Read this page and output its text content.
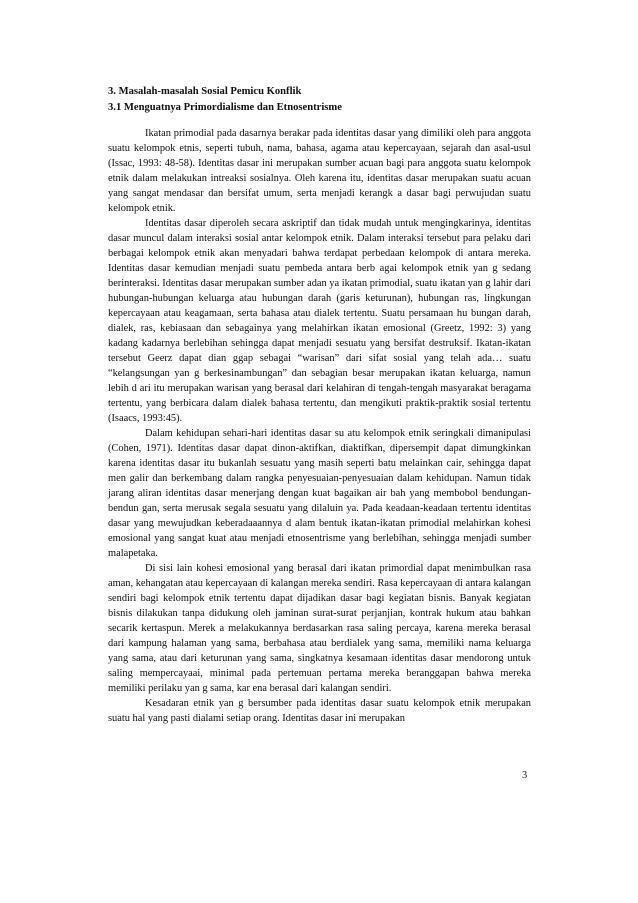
3. Masalah-masalah Sosial Pemicu Konflik

3.1 Menguatnya Primordialisme dan Etnosentrisme

Ikatan primodial pada dasarnya berakar pada identitas dasar yang dimiliki oleh para anggota suatu kelompok etnis, seperti tubuh, nama, bahasa, agama atau kepercayaan, sejarah dan asal-usul (Issac, 1993: 48-58). Identitas dasar ini merupakan sumber acuan bagi para anggota suatu kelompok etnik dalam melakukan intreaksi sosialnya. Oleh karena itu, identitas dasar merupakan suatu acuan yang sangat mendasar dan bersifat umum, serta menjadi kerangk a dasar bagi perwujudan suatu kelompok etnik.

Identitas dasar diperoleh secara askriptif dan tidak mudah untuk mengingkarinya, identitas dasar muncul dalam interaksi sosial antar kelompok etnik. Dalam interaksi tersebut para pelaku dari berbagai kelompok etnik akan menyadari bahwa terdapat perbedaan kelompok di antara mereka. Identitas dasar kemudian menjadi suatu pembeda antara berb agai kelompok etnik yan g sedang berinteraksi. Identitas dasar merupakan sumber adan ya ikatan primodial, suatu ikatan yan g lahir dari hubungan-hubungan keluarga atau hubungan darah (garis keturunan), hubungan ras, lingkungan kepercayaan atau keagamaan, serta bahasa atau dialek tertentu. Suatu persamaan hu bungan darah, dialek, ras, kebiasaan dan sebagainya yang melahirkan ikatan emosional (Greetz, 1992: 3) yang kadang kadarnya berlebihan sehingga dapat menjadi sesuatu yang bersifat destruksif. Ikatan-ikatan tersebut Geerz dapat dian ggap sebagai “warisan” dari sifat sosial yang telah ada… suatu “kelangsungan yan g berkesinambungan” dan sebagian besar merupakan ikatan keluarga, namun lebih d ari itu merupakan warisan yang berasal dari kelahiran di tengah-tengah masyarakat beragama tertentu, yang berbicara dalam dialek bahasa tertentu, dan mengikuti praktik-praktik sosial tertentu (Isaacs, 1993:45).

Dalam kehidupan sehari-hari identitas dasar su atu kelompok etnik seringkali dimanipulasi (Cohen, 1971). Identitas dasar dapat dinon-aktifkan, diaktifkan, dipersempit dapat dimungkinkan karena identitas dasar itu bukanlah sesuatu yang masih seperti batu melainkan cair, sehingga dapat men galir dan berkembang dalam rangka penyesuaian-penyesuaian dalam kehidupan. Namun tidak jarang aliran identitas dasar menerjang dengan kuat bagaikan air bah yang membobol bendungan-bendun gan, serta merusak segala sesuatu yang dilaluin ya. Pada keadaan-keadaan tertentu identitas dasar yang mewujudkan keberadaaannya d alam bentuk ikatan-ikatan primodial melahirkan kohesi emosional yang sangat kuat atau menjadi etnosentrisme yang berlebihan, sehingga menjadi sumber malapetaka.

Di sisi lain kohesi emosional yang berasal dari ikatan primordial dapat menimbulkan rasa aman, kehangatan atau kepercayaan di kalangan mereka sendiri. Rasa kepercayaan di antara kalangan sendiri bagi kelompok etnik tertentu dapat dijadikan dasar bagi kegiatan bisnis. Banyak kegiatan bisnis dilakukan tanpa didukung oleh jaminan surat-surat perjanjian, kontrak hukum atau bahkan secarik kertaspun. Merek a melakukannya berdasarkan rasa saling percaya, karena mereka berasal dari kampung halaman yang sama, berbahasa atau berdialek yang sama, memiliki nama keluarga yang sama, atau dari keturunan yang sama, singkatnya kesamaan identitas dasar mendorong untuk saling mempercayaai, minimal pada pertemuan pertama mereka beranggapan bahwa mereka memiliki perilaku yan g sama, kar ena berasal dari kalangan sendiri.

Kesadaran etnik yan g bersumber pada identitas dasar suatu kelompok etnik merupakan suatu hal yang pasti dialami setiap orang. Identitas dasar ini merupakan

3
